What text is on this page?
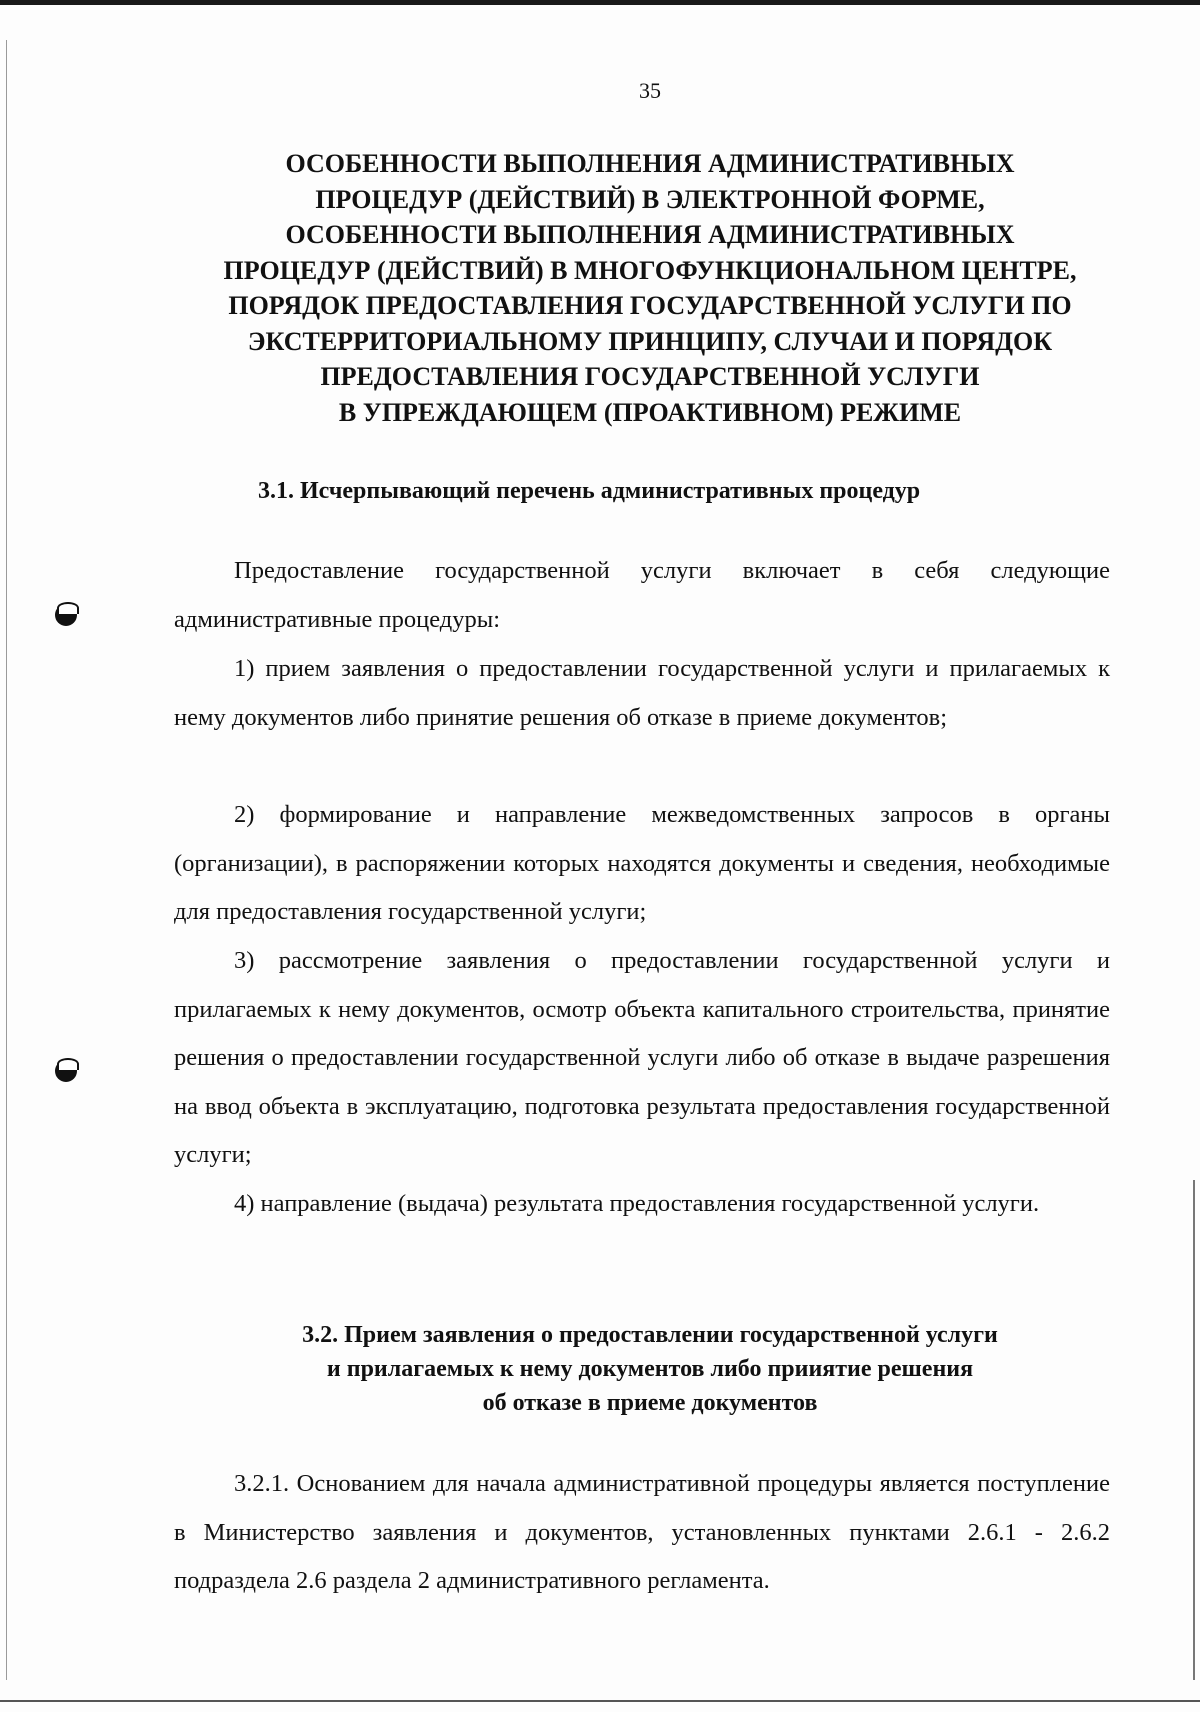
35
ОСОБЕННОСТИ ВЫПОЛНЕНИЯ АДМИНИСТРАТИВНЫХ
ПРОЦЕДУР (ДЕЙСТВИЙ) В ЭЛЕКТРОННОЙ ФОРМЕ,
ОСОБЕННОСТИ ВЫПОЛНЕНИЯ АДМИНИСТРАТИВНЫХ
ПРОЦЕДУР (ДЕЙСТВИЙ) В МНОГОФУНКЦИОНАЛЬНОМ ЦЕНТРЕ,
ПОРЯДОК ПРЕДОСТАВЛЕНИЯ ГОСУДАРСТВЕННОЙ УСЛУГИ ПО
ЭКСТЕРРИТОРИАЛЬНОМУ ПРИНЦИПУ, СЛУЧАИ И ПОРЯДОК
ПРЕДОСТАВЛЕНИЯ ГОСУДАРСТВЕННОЙ УСЛУГИ
В УПРЕЖДАЮЩЕМ (ПРОАКТИВНОМ) РЕЖИМЕ
3.1. Исчерпывающий перечень административных процедур

Предоставление государственной услуги включает в себя следующие административные процедуры:

1) прием заявления о предоставлении государственной услуги и прилагаемых к нему документов либо принятие решения об отказе в приеме документов;

2) формирование и направление межведомственных запросов в органы (организации), в распоряжении которых находятся документы и сведения, необходимые для предоставления государственной услуги;

3) рассмотрение заявления о предоставлении государственной услуги и прилагаемых к нему документов, осмотр объекта капитального строительства, принятие решения о предоставлении государственной услуги либо об отказе в выдаче разрешения на ввод объекта в эксплуатацию, подготовка результата предоставления государственной услуги;

4) направление (выдача) результата предоставления государственной услуги.

3.2. Прием заявления о предоставлении государственной услуги
и прилагаемых к нему документов либо прииятие решения
об отказе в приеме документов

3.2.1. Основанием для начала административной процедуры является поступление в Министерство заявления и документов, установленных пунктами 2.6.1 - 2.6.2 подраздела 2.6 раздела 2 административного регламента.
